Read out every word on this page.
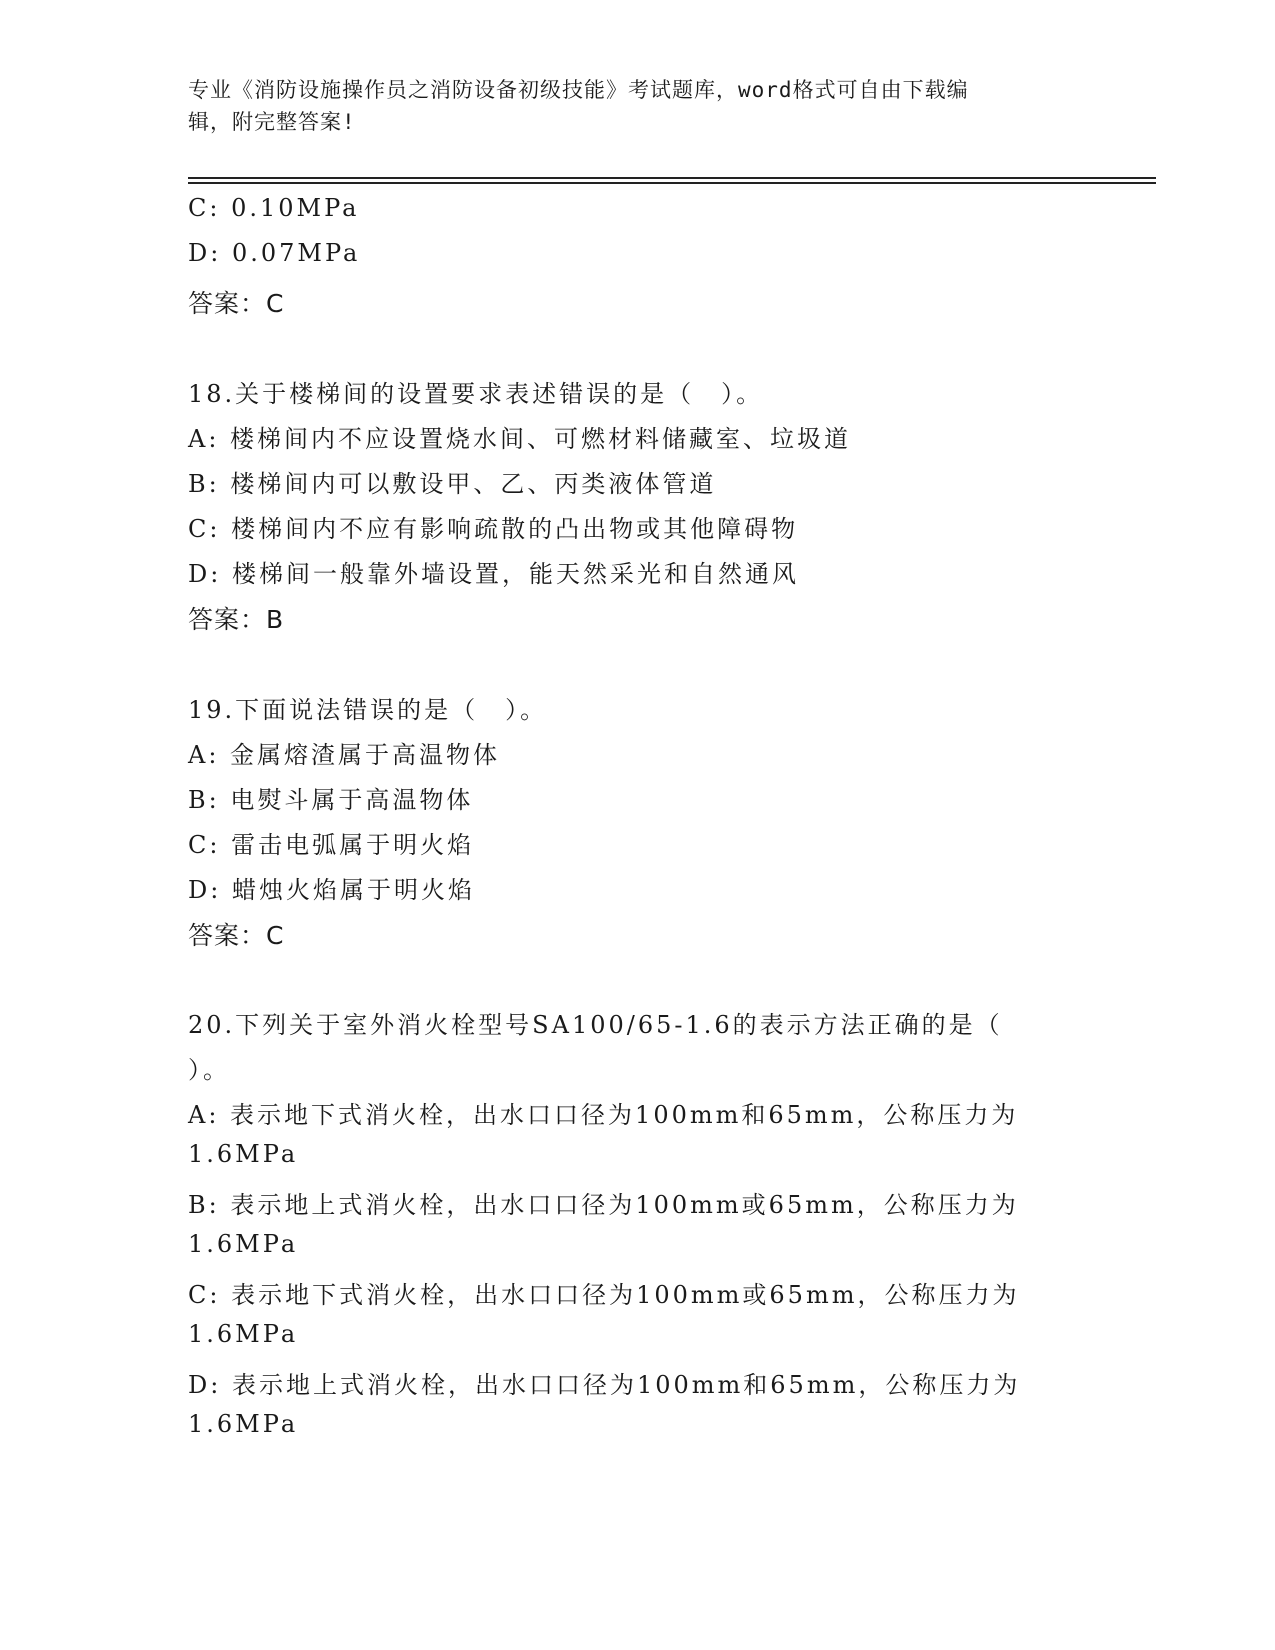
专业《消防设施操作员之消防设备初级技能》考试题库，word格式可自由下载编
辑，附完整答案!
C: 0.10MPa
D: 0.07MPa
答案：C
18.关于楼梯间的设置要求表述错误的是（　）。
A: 楼梯间内不应设置烧水间、可燃材料储藏室、垃圾道
B: 楼梯间内可以敷设甲、乙、丙类液体管道
C: 楼梯间内不应有影响疏散的凸出物或其他障碍物
D: 楼梯间一般靠外墙设置，能天然采光和自然通风
答案：B
19.下面说法错误的是（　）。
A: 金属熔渣属于高温物体
B: 电熨斗属于高温物体
C: 雷击电弧属于明火焰
D: 蜡烛火焰属于明火焰
答案：C
20.下列关于室外消火栓型号SA100/65-1.6的表示方法正确的是（
）。
A: 表示地下式消火栓，出水口口径为100mm和65mm，公称压力为
1.6MPa
B: 表示地上式消火栓，出水口口径为100mm或65mm，公称压力为
1.6MPa
C: 表示地下式消火栓，出水口口径为100mm或65mm，公称压力为
1.6MPa
D: 表示地上式消火栓，出水口口径为100mm和65mm，公称压力为
1.6MPa
